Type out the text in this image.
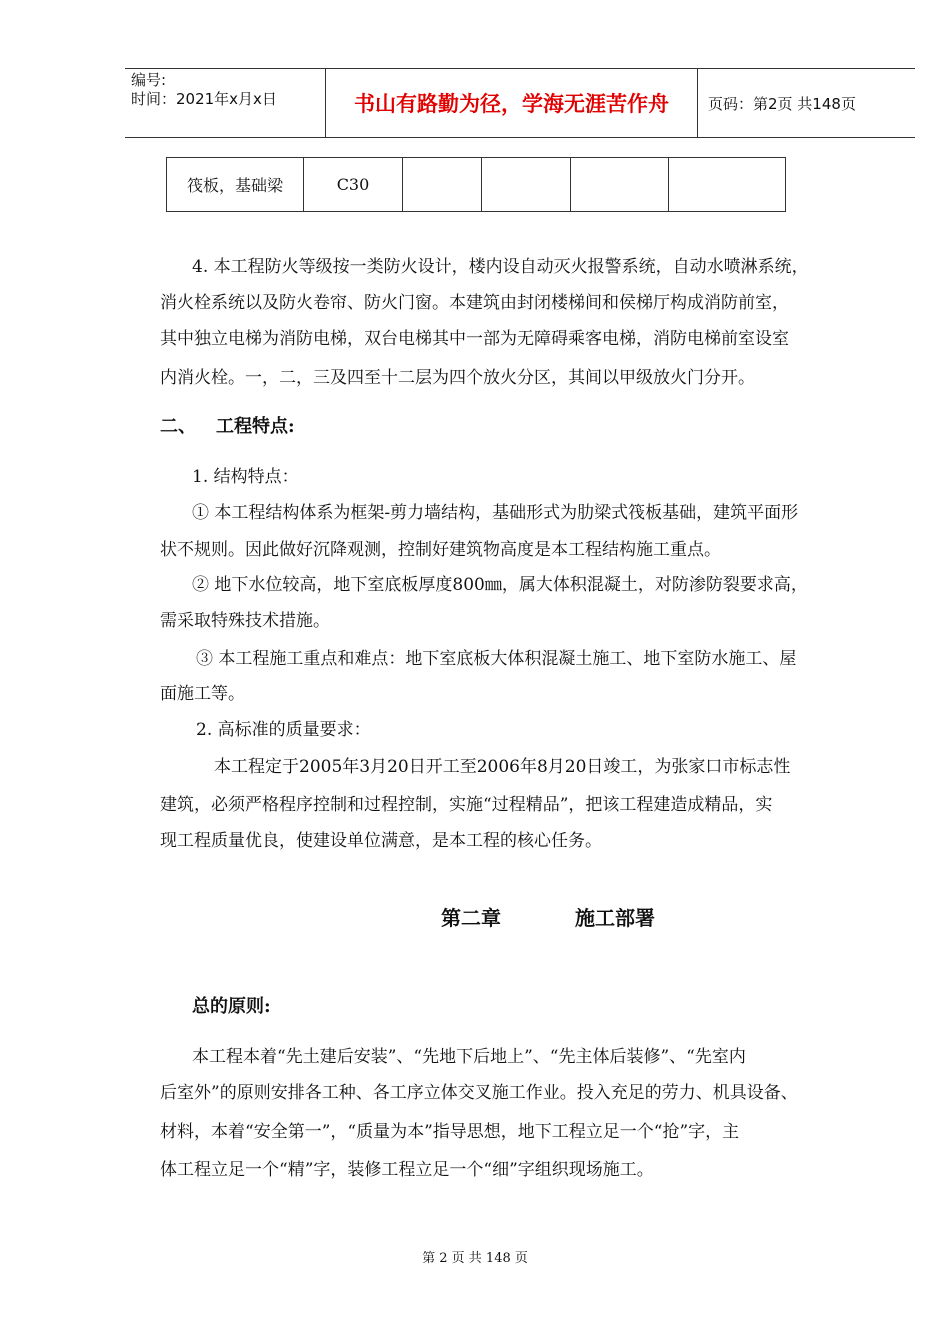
编号:
时间：2021年x月x日	书山有路勤为径，学海无涯苦作舟	页码：第2页 共148页
筏板，基础梁	C30				
4. 本工程防火等级按一类防火设计，楼内设自动灭火报警系统，自动水喷淋系统，
消火栓系统以及防火卷帘、防火门窗。本建筑由封闭楼梯间和侯梯厅构成消防前室，
其中独立电梯为消防电梯，双台电梯其中一部为无障碍乘客电梯，消防电梯前室设室
内消火栓。一，二，三及四至十二层为四个放火分区，其间以甲级放火门分开。
二、 工程特点:
1. 结构特点：
① 本工程结构体系为框架-剪力墙结构，基础形式为肋梁式筏板基础，建筑平面形
状不规则。因此做好沉降观测，控制好建筑物高度是本工程结构施工重点。
② 地下水位较高，地下室底板厚度800㎜，属大体积混凝土，对防渗防裂要求高，
需采取特殊技术措施。
③ 本工程施工重点和难点：地下室底板大体积混凝土施工、地下室防水施工、屋
面施工等。
2. 高标准的质量要求：
本工程定于2005年3月20日开工至2006年8月20日竣工，为张家口市标志性
建筑，必须严格程序控制和过程控制，实施“过程精品”，把该工程建造成精品，实
现工程质量优良，使建设单位满意，是本工程的核心任务。
第二章	施工部署
总的原则:
本工程本着“先土建后安装”、“先地下后地上”、“先主体后装修”、“先室内
后室外”的原则安排各工种、各工序立体交叉施工作业。投入充足的劳力、机具设备、
材料，本着“安全第一”，“质量为本”指导思想，地下工程立足一个“抢”字，主
体工程立足一个“精”字，装修工程立足一个“细”字组织现场施工。
第 2 页 共 148 页
